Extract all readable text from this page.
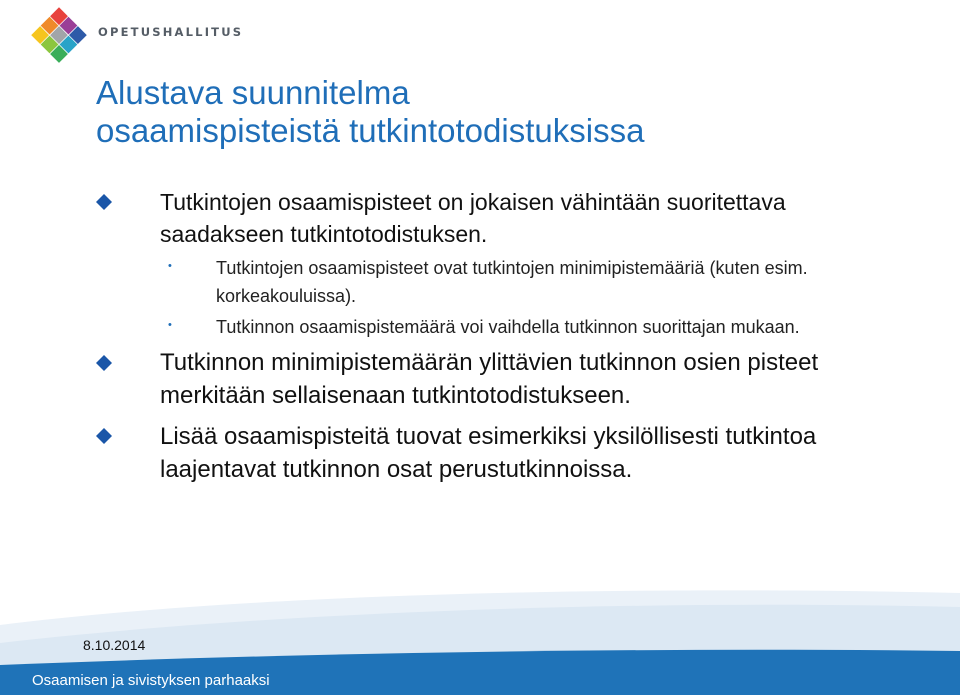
OPETUSHALLITUS
Alustava suunnitelma
osaamispisteistä tutkintotodistuksissa
Tutkintojen osaamispisteet on jokaisen vähintään suoritettava saadakseen tutkintotodistuksen.
• Tutkintojen osaamispisteet ovat tutkintojen minimipistemääriä (kuten esim. korkeakouluissa).
• Tutkinnon osaamispistemäärä voi vaihdella tutkinnon suorittajan mukaan.
Tutkinnon minimipistemäärän ylittävien tutkinnon osien pisteet merkitään sellaisenaan tutkintotodistukseen.
Lisää osaamispisteitä tuovat esimerkiksi yksilöllisesti tutkintoa laajentavat tutkinnon osat perustutkinnoissa.
8.10.2014
Osaamisen ja sivistyksen parhaaksi
